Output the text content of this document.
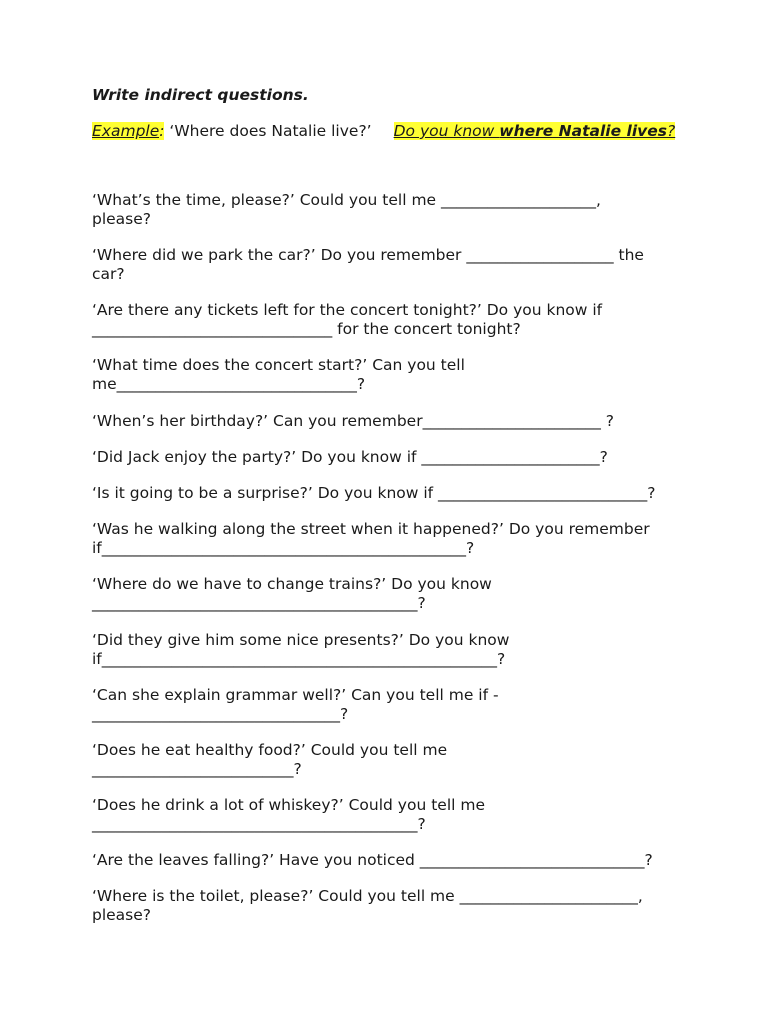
Write indirect questions.

Example: ‘Where does Natalie live?’ Do you know where Natalie lives?

‘What’s the time, please?’ Could you tell me ____________________,
please?

‘Where did we park the car?’ Do you remember ___________________ the
car?

‘Are there any tickets left for the concert tonight?’ Do you know if
_______________________________ for the concert tonight?

‘What time does the concert start?’ Can you tell
me_______________________________?

‘When’s her birthday?’ Can you remember_______________________ ?

‘Did Jack enjoy the party?’ Do you know if _______________________?

‘Is it going to be a surprise?’ Do you know if ___________________________?

‘Was he walking along the street when it happened?’ Do you remember
if_______________________________________________?

‘Where do we have to change trains?’ Do you know
__________________________________________?

‘Did they give him some nice presents?’ Do you know
if___________________________________________________?

‘Can she explain grammar well?’ Can you tell me if -
________________________________?

‘Does he eat healthy food?’ Could you tell me
__________________________?

‘Does he drink a lot of whiskey?’ Could you tell me
__________________________________________?

‘Are the leaves falling?’ Have you noticed _____________________________?

‘Where is the toilet, please?’ Could you tell me _______________________,
please?
